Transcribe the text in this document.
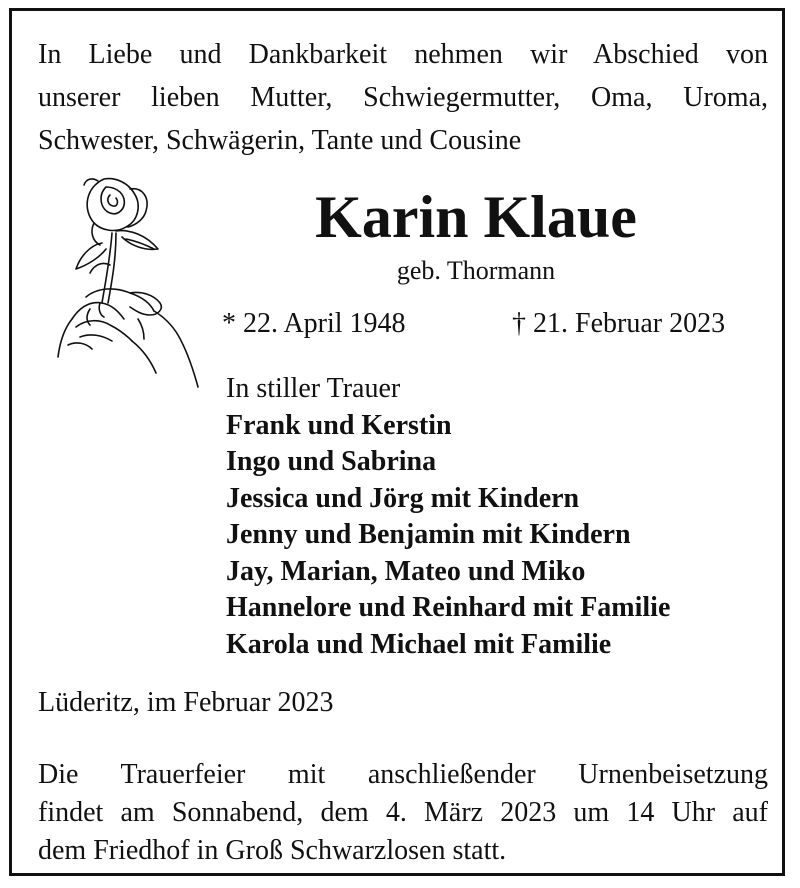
In Liebe und Dankbarkeit nehmen wir Abschied von
unserer lieben Mutter, Schwiegermutter, Oma, Uroma,
Schwester, Schwägerin, Tante und Cousine
Karin Klaue
geb. Thormann
* 22. April 1948	† 21. Februar 2023
In stiller Trauer
Frank und Kerstin
Ingo und Sabrina
Jessica und Jörg mit Kindern
Jenny und Benjamin mit Kindern
Jay, Marian, Mateo und Miko
Hannelore und Reinhard mit Familie
Karola und Michael mit Familie
Lüderitz, im Februar 2023
Die Trauerfeier mit anschließender Urnenbeisetzung
findet am Sonnabend, dem 4. März 2023 um 14 Uhr auf
dem Friedhof in Groß Schwarzlosen statt.
